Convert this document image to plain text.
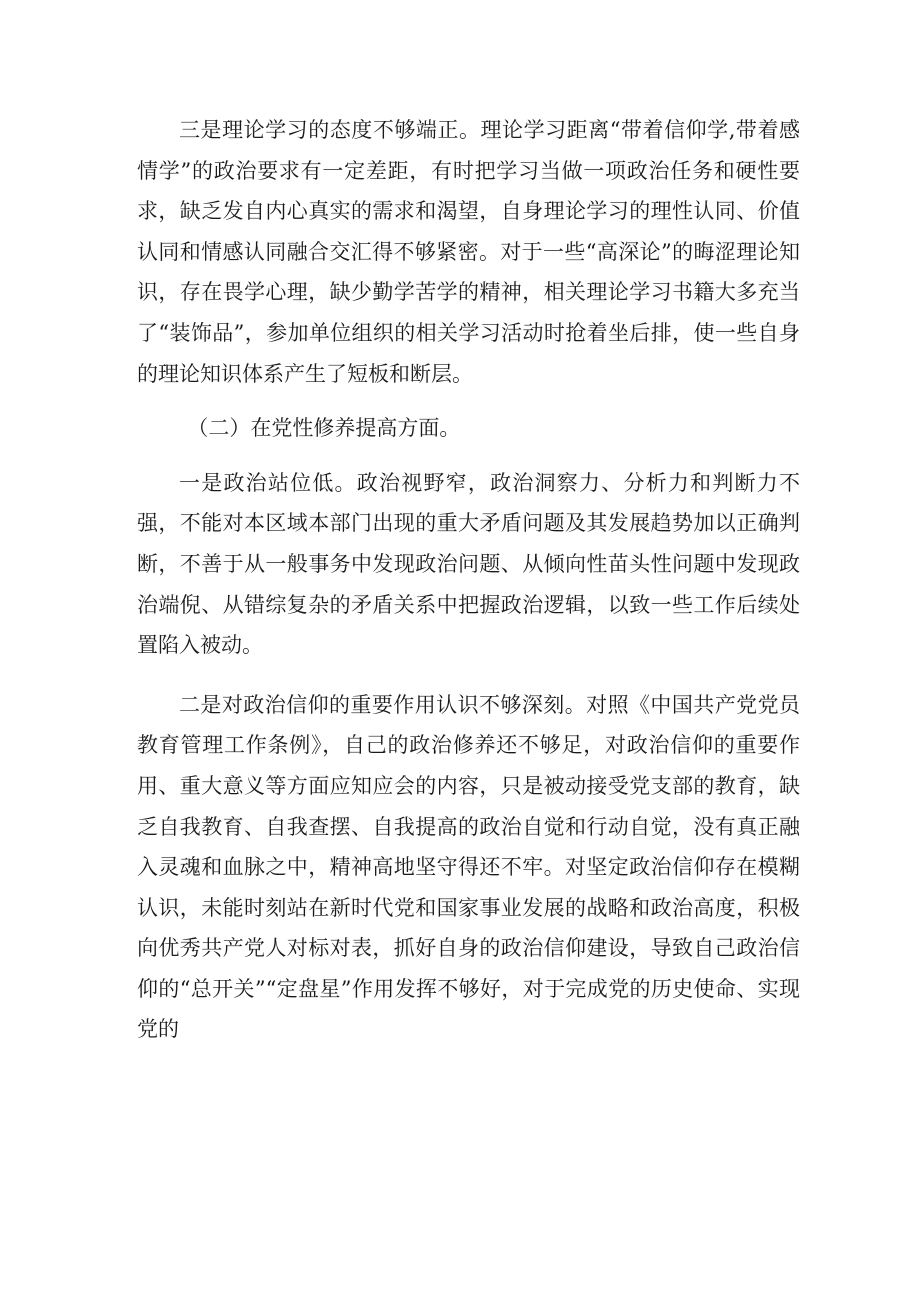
三是理论学习的态度不够端正。理论学习距离“带着信仰学,带着感情学”的政治要求有一定差距，有时把学习当做一项政治任务和硬性要求，缺乏发自内心真实的需求和渴望，自身理论学习的理性认同、价值认同和情感认同融合交汇得不够紧密。对于一些“高深论”的晦涩理论知识，存在畏学心理，缺少勤学苦学的精神，相关理论学习书籍大多充当了“装饰品”，参加单位组织的相关学习活动时抢着坐后排，使一些自身的理论知识体系产生了短板和断层。

（二）在党性修养提高方面。

一是政治站位低。政治视野窄，政治洞察力、分析力和判断力不强，不能对本区域本部门出现的重大矛盾问题及其发展趋势加以正确判断，不善于从一般事务中发现政治问题、从倾向性苗头性问题中发现政治端倪、从错综复杂的矛盾关系中把握政治逻辑，以致一些工作后续处置陷入被动。

二是对政治信仰的重要作用认识不够深刻。对照《中国共产党党员教育管理工作条例》，自己的政治修养还不够足，对政治信仰的重要作用、重大意义等方面应知应会的内容，只是被动接受党支部的教育，缺乏自我教育、自我查摆、自我提高的政治自觉和行动自觉，没有真正融入灵魂和血脉之中，精神高地坚守得还不牢。对坚定政治信仰存在模糊认识，未能时刻站在新时代党和国家事业发展的战略和政治高度，积极向优秀共产党人对标对表，抓好自身的政治信仰建设，导致自己政治信仰的“总开关”“定盘星”作用发挥不够好，对于完成党的历史使命、实现党的
